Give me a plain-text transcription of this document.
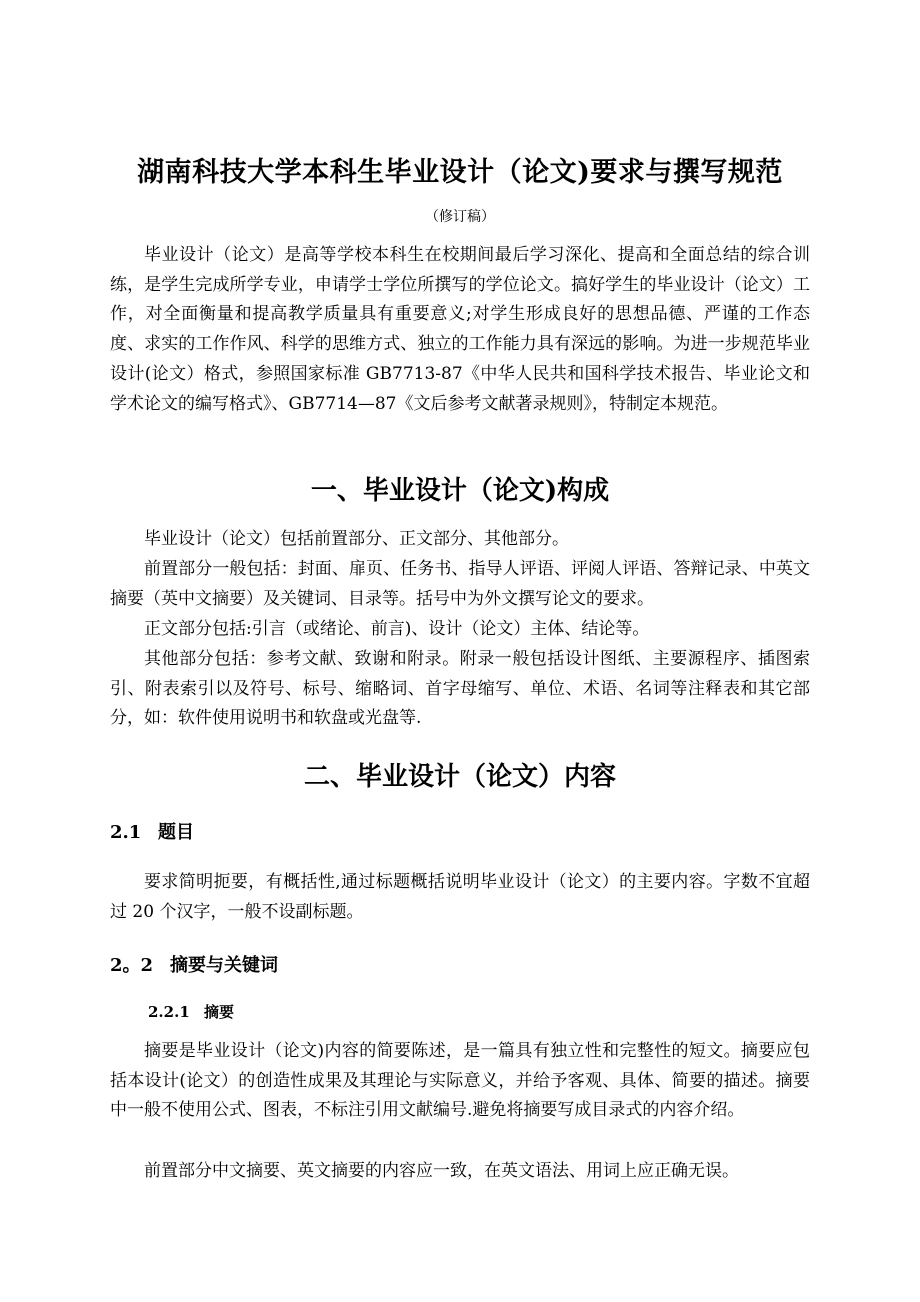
湖南科技大学本科生毕业设计（论文)要求与撰写规范
（修订稿）
毕业设计（论文）是高等学校本科生在校期间最后学习深化、提高和全面总结的综合训练，是学生完成所学专业，申请学士学位所撰写的学位论文。搞好学生的毕业设计（论文）工作，对全面衡量和提高教学质量具有重要意义;对学生形成良好的思想品德、严谨的工作态度、求实的工作作风、科学的思维方式、独立的工作能力具有深远的影响。为进一步规范毕业设计(论文）格式，参照国家标准 GB7713-87《中华人民共和国科学技术报告、毕业论文和学术论文的编写格式》、GB7714—87《文后参考文献著录规则》，特制定本规范。
一、毕业设计（论文)构成
毕业设计（论文）包括前置部分、正文部分、其他部分。
前置部分一般包括：封面、扉页、任务书、指导人评语、评阅人评语、答辩记录、中英文摘要（英中文摘要）及关键词、目录等。括号中为外文撰写论文的要求。
正文部分包括:引言（或绪论、前言)、设计（论文）主体、结论等。
其他部分包括：参考文献、致谢和附录。附录一般包括设计图纸、主要源程序、插图索引、附表索引以及符号、标号、缩略词、首字母缩写、单位、术语、名词等注释表和其它部分，如：软件使用说明书和软盘或光盘等.
二、毕业设计（论文）内容
2.1 题目
要求简明扼要，有概括性,通过标题概括说明毕业设计（论文）的主要内容。字数不宜超过 20 个汉字，一般不设副标题。
2。2 摘要与关键词
2.2.1 摘要
摘要是毕业设计（论文)内容的简要陈述，是一篇具有独立性和完整性的短文。摘要应包括本设计(论文）的创造性成果及其理论与实际意义，并给予客观、具体、简要的描述。摘要中一般不使用公式、图表，不标注引用文献编号.避免将摘要写成目录式的内容介绍。
前置部分中文摘要、英文摘要的内容应一致，在英文语法、用词上应正确无误。
